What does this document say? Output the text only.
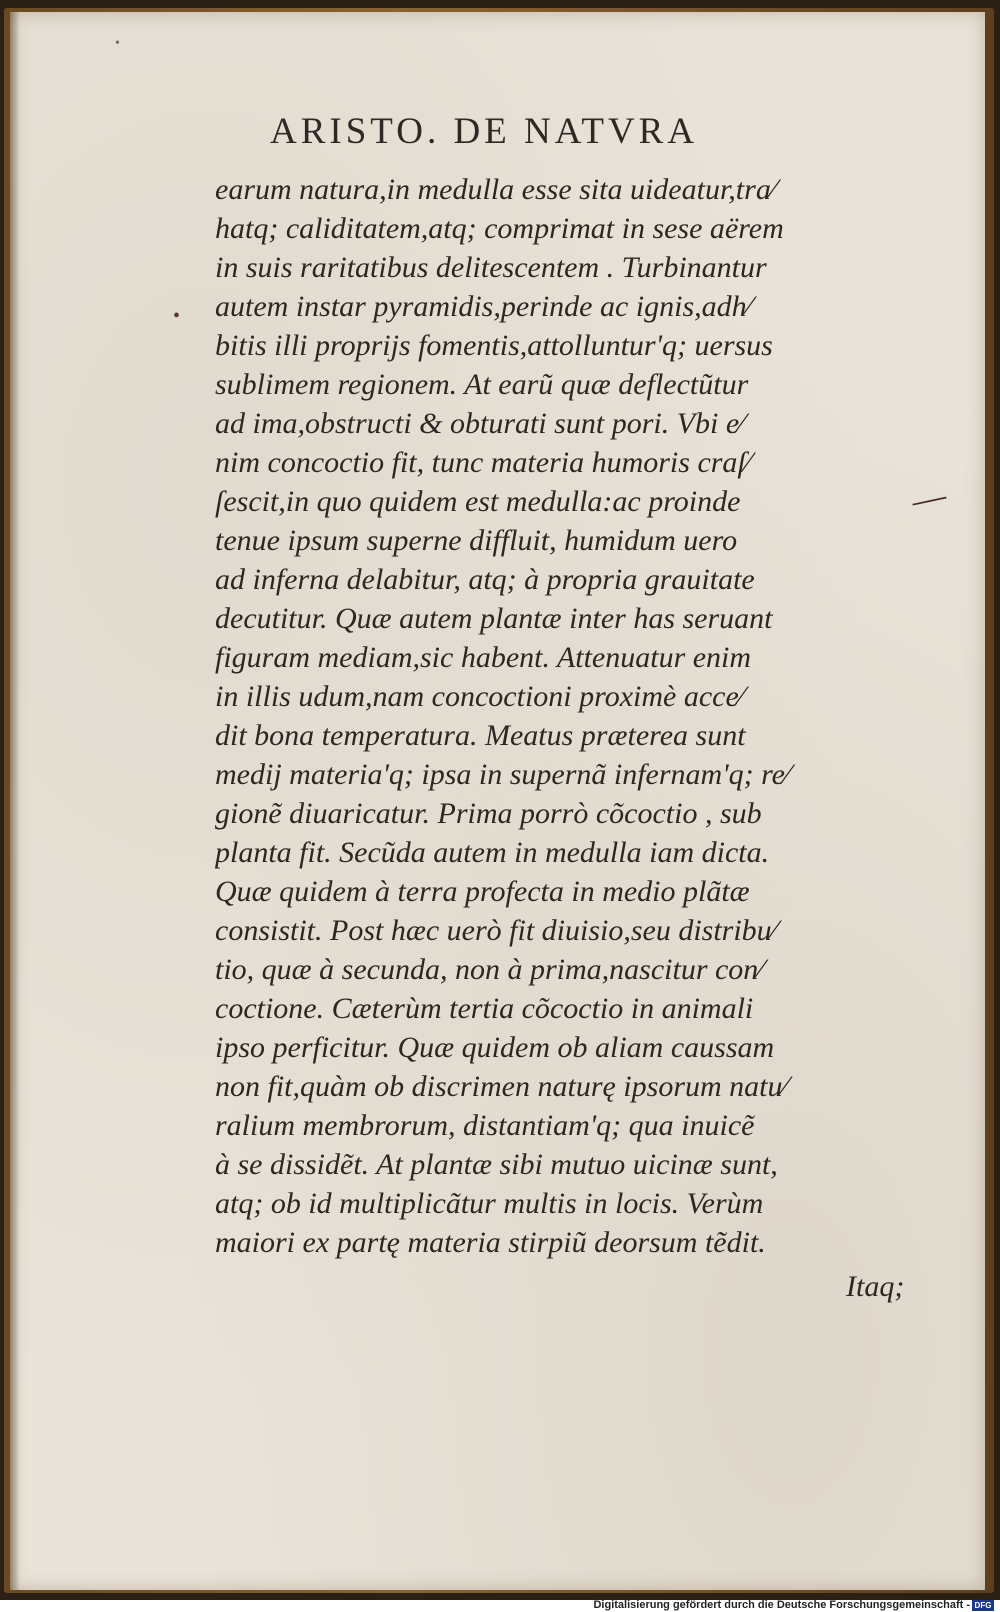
•
•
—
ARISTO. DE NATVRA
earum natura,in medulla esse sita uideatur,tra⁄
hatq; caliditatem,atq; comprimat in sese aërem
in suis raritatibus delitescentem . Turbinantur
autem instar pyramidis,perinde ac ignis,adh⁄
bitis illi proprijs fomentis,attolluntur'q; uersus
sublimem regionem. At earũ quæ deflectũtur
ad ima,obstructi & obturati sunt pori. Vbi e⁄
nim concoctio fit, tunc materia humoris craſ⁄
ſescit,in quo quidem est medulla:ac proinde
tenue ipsum superne diffluit, humidum uero
ad inferna delabitur, atq; à propria grauitate
decutitur. Quæ autem plantæ inter has seruant
figuram mediam,sic habent. Attenuatur enim
in illis udum,nam concoctioni proximè acce⁄
dit bona temperatura. Meatus præterea sunt
medij materia'q; ipsa in supernã infernam'q; re⁄
gionẽ diuaricatur. Prima porrò cõcoctio , sub
planta fit. Secũda autem in medulla iam dicta.
Quæ quidem à terra profecta in medio plãtæ
consistit. Post hæc uerò fit diuisio,seu distribu⁄
tio, quæ à secunda, non à prima,nascitur con⁄
coctione. Cæterùm tertia cõcoctio in animali
ipso perficitur. Quæ quidem ob aliam caussam
non fit,quàm ob discrimen naturę ipsorum natu⁄
ralium membrorum, distantiam'q; qua inuicẽ
à se dissidẽt. At plantæ sibi mutuo uicinæ sunt,
atq; ob id multiplicãtur multis in locis. Verùm
maiori ex partę materia stirpiũ deorsum tẽdit.
Itaq;
Digitalisierung gefördert durch die Deutsche Forschungsgemeinschaft - DFG
